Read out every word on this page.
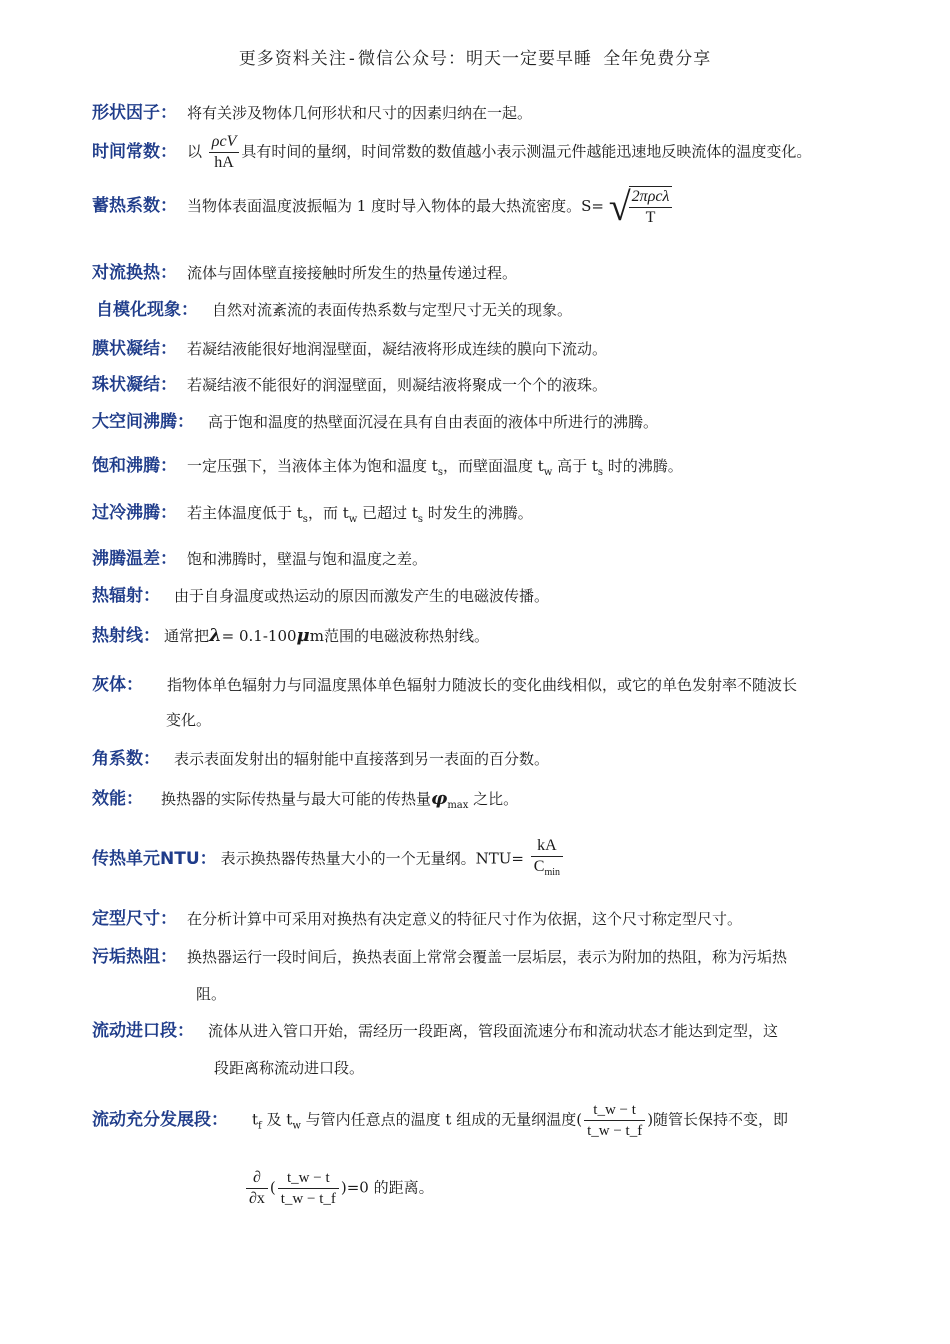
更多资料关注-微信公众号：明天一定要早睡 全年免费分享
形状因子： 将有关涉及物体几何形状和尺寸的因素归纳在一起。
时间常数： 以 $\frac{\text{ρcV}}{hA}$ 具有时间的量纲，时间常数的数值越小表示测温元件越能迅速地反映流体的温度变化。
蓄热系数： 当物体表面温度波振幅为 1 度时导入物体的最大热流密度。S= √
$\frac{\text{2πρcλ}}{T}$
对流换热： 流体与固体壁直接接触时所发生的热量传递过程。
自模化现象： 自然对流紊流的表面传热系数与定型尺寸无关的现象。
膜状凝结： 若凝结液能很好地润湿壁面，凝结液将形成连续的膜向下流动。
珠状凝结： 若凝结液不能很好的润湿壁面，则凝结液将聚成一个个的液珠。
大空间沸腾： 高于饱和温度的热壁面沉浸在具有自由表面的液体中所进行的沸腾。
饱和沸腾： 一定压强下，当液体主体为饱和温度 $t_s$，而壁面温度 $t_w$ 高于 $t_s$ 时的沸腾。
过冷沸腾： 若主体温度低于 $t_s$，而 $t_w$ 已超过 $t_s$ 时发生的沸腾。
沸腾温差： 饱和沸腾时，壁温与饱和温度之差。
热辐射： 由于自身温度或热运动的原因而激发产生的电磁波传播。
热射线： 通常把λ= 0.1-100μm范围的电磁波称热射线。
灰体： 指物体单色辐射力与同温度黑体单色辐射力随波长的变化曲线相似，或它的单色发射率不随波长
变化。
角系数： 表示表面发射出的辐射能中直接落到另一表面的百分数。
效能： 换热器的实际传热量与最大可能的传热量$\varphi_{max}$ 之比。
传热单元NTU： 表示换热器传热量大小的一个无量纲。$NTU= \frac{kA}{C_{min}}$
定型尺寸： 在分析计算中可采用对换热有决定意义的特征尺寸作为依据，这个尺寸称定型尺寸。
污垢热阻： 换热器运行一段时间后，换热表面上常常会覆盖一层垢层，表示为附加的热阻，称为污垢热
阻。
流动进口段： 流体从进入管口开始，需经历一段距离，管段面流速分布和流动状态才能达到定型，这
段距离称流动进口段。
流动充分发展段： $t_f$ 及 $t_w$ 与管内任意点的温度 t 组成的无量纲温度( $\frac{t\_w - t}{t\_w - t\_f}$ )随管长保持不变，即
$\frac{\partial}{\partial x}$ ( $\frac{t\_w - t}{t\_w - t\_f} )=0$ 的距离。
